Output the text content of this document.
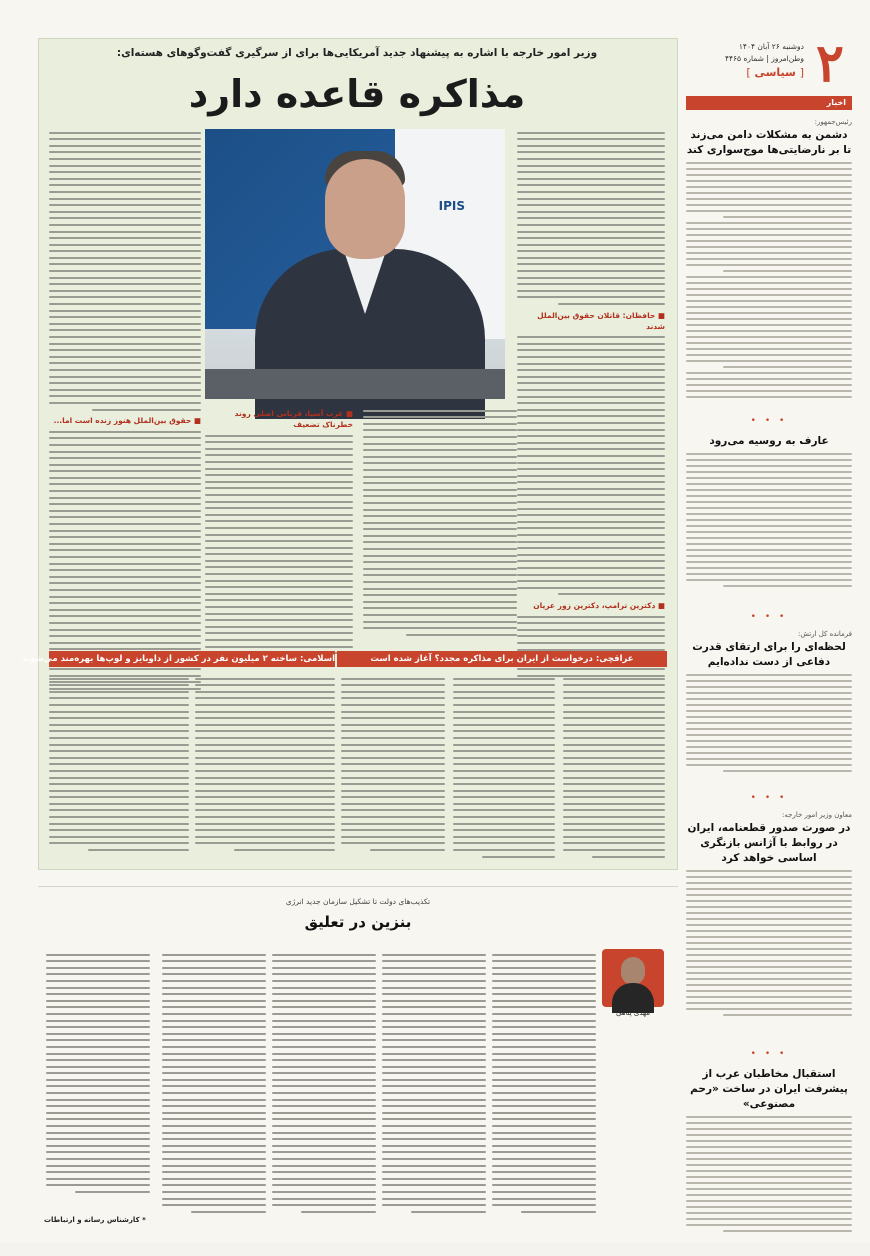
۲
دوشنبه ۲۶ آبان ۱۴۰۴
وطن‌امروز | شماره ۴۴۶۵
[ سیاسی ]
اخبار
رئیس‌جمهور:
دشمن به مشکلات دامن می‌زند تا بر نارضایتی‌ها موج‌سواری کند
• • •
عارف به روسیه می‌رود
• • •
فرمانده کل ارتش:
لحظه‌ای را برای ارتقای قدرت دفاعی از دست نداده‌ایم
• • •
معاون وزیر امور خارجه:
در صورت صدور قطعنامه، ایران در روابط با آژانس بازنگری اساسی خواهد کرد
• • •
استقبال مخاطبان عرب از پیشرفت ایران در ساخت «رحم مصنوعی»
وزیر امور خارجه با اشاره به پیشنهاد جدید آمریکایی‌ها برای از سرگیری گفت‌وگوهای هسته‌ای:
مذاکره قاعده دارد
■ حافظان: قاتلان حقوق بین‌الملل شدند
■ دکترین ترامپ، دکترین زور عریان
■ حقوق بین‌الملل هنوز زنده است اما...
IPIS
■ غرب آسیا، قربانی اصلی روند خطرناک تضعیف
عراقچی: درخواست از ایران برای مذاکره مجدد؟ آغاز شده است
اسلامی: ساخته ۲ میلیون نفر در کشور از داوبایز و لوپ‌ها بهره‌مند می‌شوند
تکذیب‌های دولت تا تشکیل سازمان جدید انرژی
بنزین در تعلیق
مهدی پناهی
* کارشناس رسانه و ارتباطات
